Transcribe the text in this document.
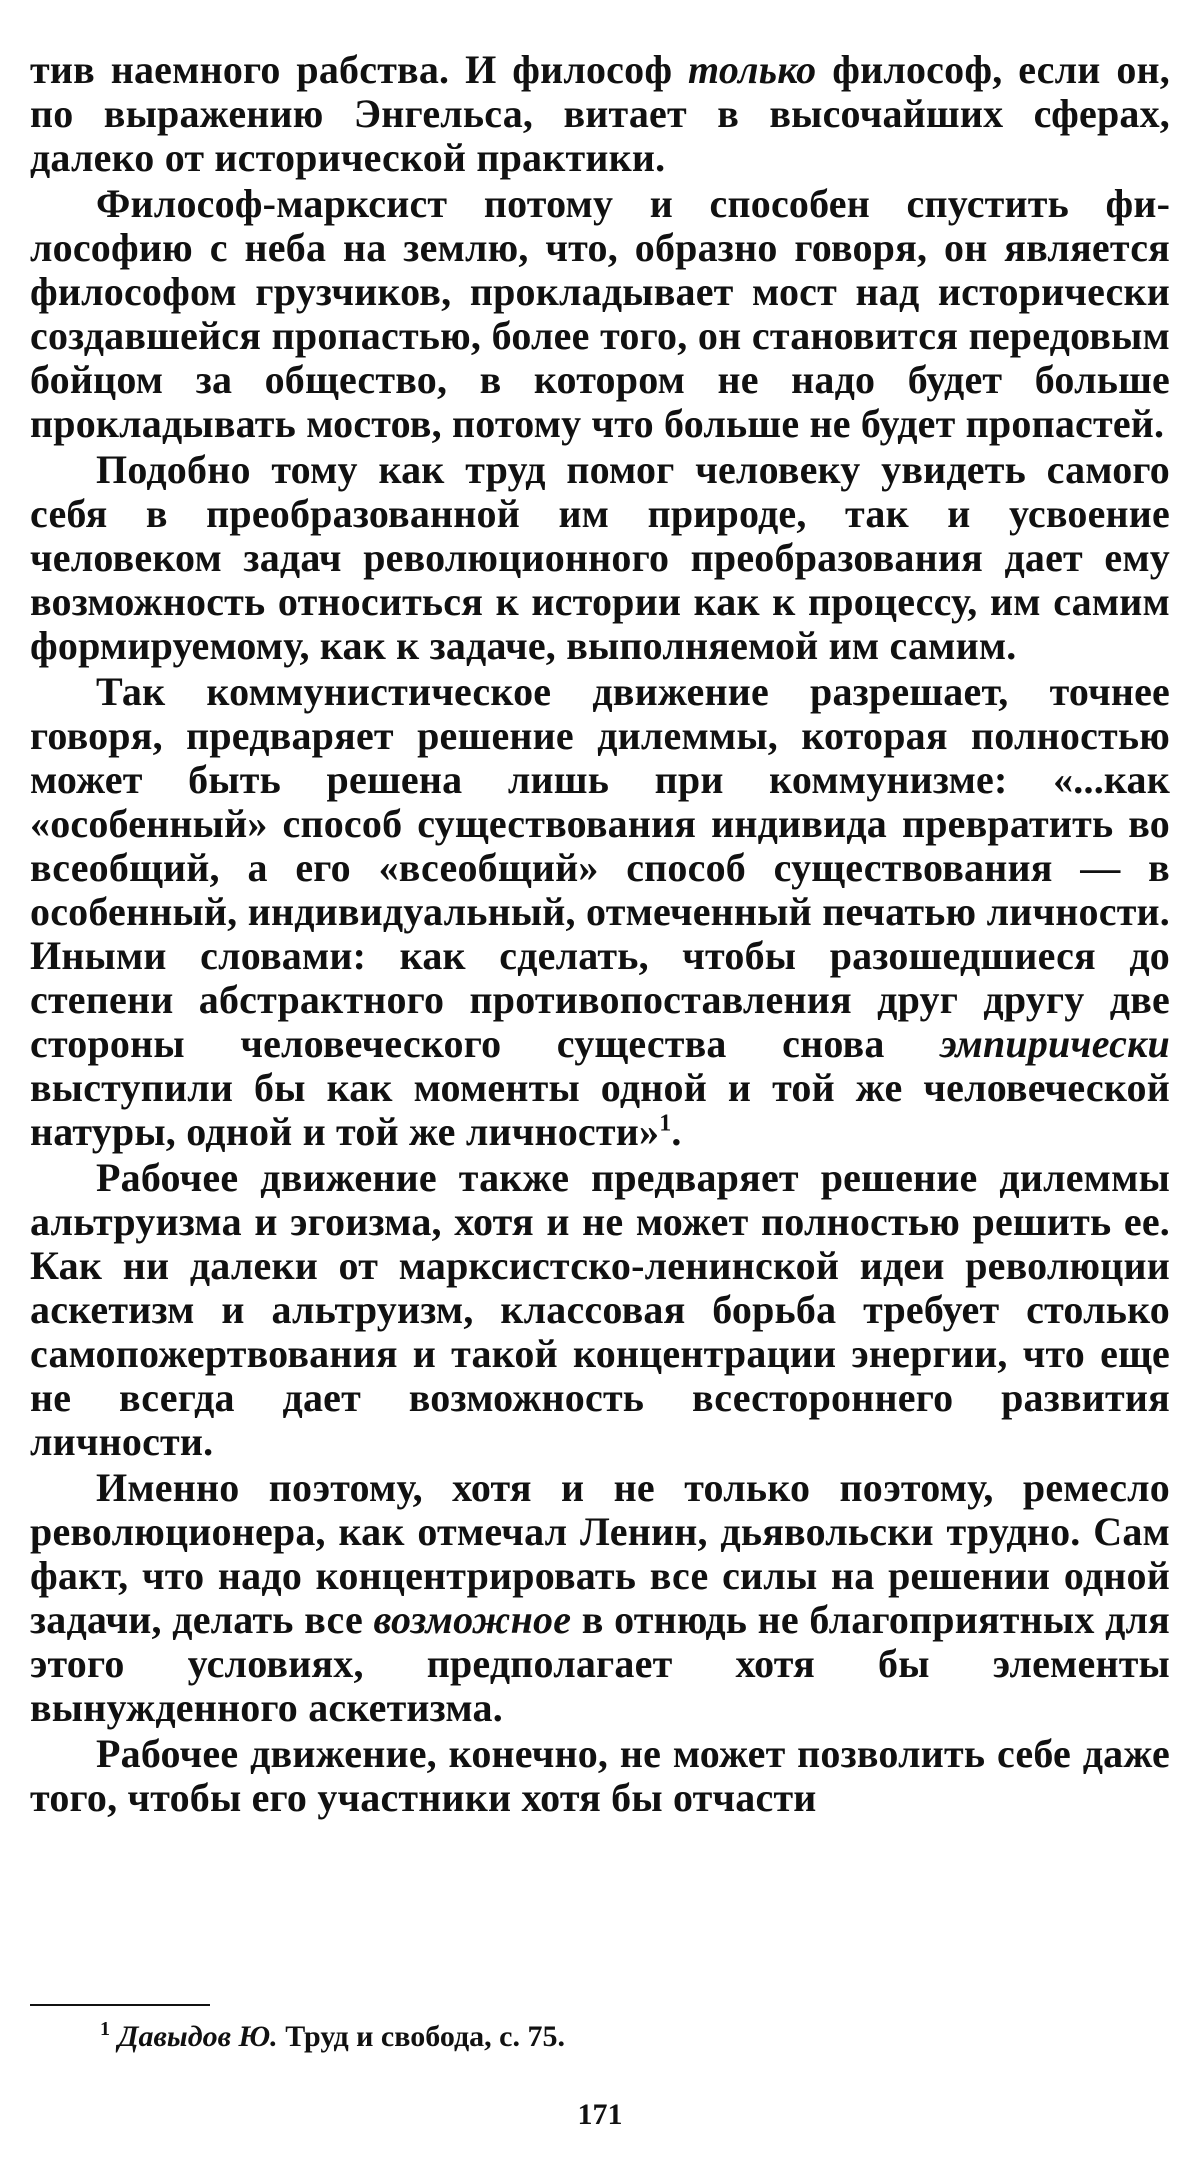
тив наемного рабства. И философ только философ, если он, по выражению Энгельса, витает в высочайших сферах, далеко от исторической практики.

Философ-марксист потому и способен спустить философию с неба на землю, что, образно говоря, он является философом грузчиков, прокладывает мост над исторически создавшейся пропастью, более того, он становится передовым бойцом за общество, в котором не надо будет больше прокладывать мостов, потому что больше не будет пропастей.

Подобно тому как труд помог человеку увидеть самого себя в преобразованной им природе, так и усвоение человеком задач революционного преобразования дает ему возможность относиться к истории как к процессу, им самим формируемому, как к задаче, выполняемой им самим.

Так коммунистическое движение разрешает, точнее говоря, предваряет решение дилеммы, которая полностью может быть решена лишь при коммунизме: «...как «особенный» способ существования индивида превратить во всеобщий, а его «всеобщий» способ существования — в особенный, индивидуальный, отмеченный печатью личности. Иными словами: как сделать, чтобы разошедшиеся до степени абстрактного противопоставления друг другу две стороны человеческого существа снова эмпирически выступили бы как моменты одной и той же человеческой натуры, одной и той же личности»$^1$.

Рабочее движение также предваряет решение дилеммы альтруизма и эгоизма, хотя и не может полностью решить ее. Как ни далеки от марксистско-ленинской идеи революции аскетизм и альтруизм, классовая борьба требует столько самопожертвования и такой концентрации энергии, что еще не всегда дает возможность всестороннего развития личности.

Именно поэтому, хотя и не только поэтому, ремесло революционера, как отмечал Ленин, дьявольски трудно. Сам факт, что надо концентрировать все силы на решении одной задачи, делать все возможное в отнюдь не благоприятных для этого условиях, предполагает хотя бы элементы вынужденного аскетизма.

Рабочее движение, конечно, не может позволить себе даже того, чтобы его участники хотя бы отчасти

$^1$ Давыдов Ю. Труд и свобода, с. 75.
171
